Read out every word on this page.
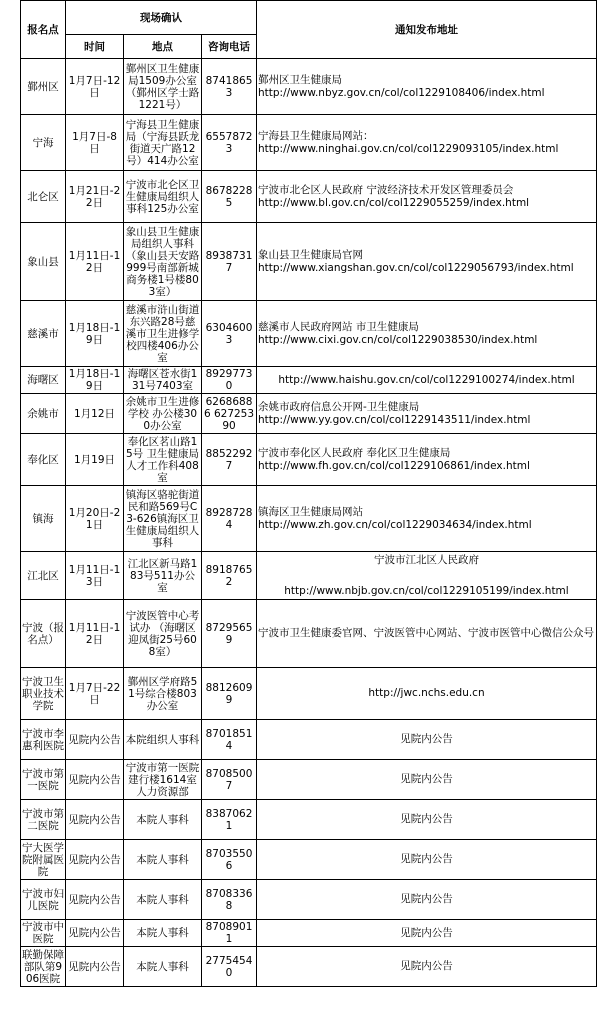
报名点	现场确认			通知发布地址
	时间	地点	咨询电话	
鄞州区	1月7日-12日	鄞州区卫生健康局1509办公室（鄞州区学士路1221号）	87418653	鄞州区卫生健康局
http://www.nbyz.gov.cn/col/col1229108406/index.html

宁海	1月7日-8日	宁海县卫生健康局（宁海县跃龙街道天广路12号）414办公室	65578723	宁海县卫生健康局网站：
http://www.ninghai.gov.cn/col/col1229093105/index.html

北仑区	1月21日-22日	宁波市北仑区卫生健康局组织人事科125办公室	86782285	宁波市北仑区人民政府 宁波经济技术开发区管理委员会
http://www.bl.gov.cn/col/col1229055259/index.html

象山县	1月11日-12日	象山县卫生健康局组织人事科（象山县天安路999号南部新城商务楼1号楼803室）	89387317	象山县卫生健康局官网
http://www.xiangshan.gov.cn/col/col1229056793/index.html

慈溪市	1月18日-19日	慈溪市浒山街道东兴路28号慈溪市卫生进修学校四楼406办公室	63046003	慈溪市人民政府网站 市卫生健康局
http://www.cixi.gov.cn/col/col1229038530/index.html

海曙区	1月18日-19日	海曙区苍水街131号7403室	89297730	http://www.haishu.gov.cn/col/col1229100274/index.html

余姚市	1月12日	余姚市卫生进修学校 办公楼300办公室	62686886 62725390	余姚市政府信息公开网-卫生健康局
http://www.yy.gov.cn/col/col1229143511/index.html

奉化区	1月19日	奉化区茗山路15号 卫生健康局人才工作科408室	88522927	宁波市奉化区人民政府 奉化区卫生健康局
http://www.fh.gov.cn/col/col1229106861/index.html

镇海	1月20日-21日	镇海区骆驼街道民和路569号C3-626镇海区卫生健康局组织人事科	89287284	镇海区卫生健康局网站
http://www.zh.gov.cn/col/col1229034634/index.html

江北区	1月11日-13日	江北区新马路183号511办公室	89187652	宁波市江北区人民政府
http://www.nbjb.gov.cn/col/col1229105199/index.html

宁波（报名点）	1月11日-12日	宁波医管中心考试办 （海曙区迎凤街25号608室）	87295659	宁波市卫生健康委官网、宁波医管中心网站、宁波市医管中心微信公众号

宁波卫生职业技术学院	1月7日-22日	鄞州区学府路51号综合楼803办公室	88126099	http://jwc.nchs.edu.cn

宁波市李惠利医院	见院内公告	本院组织人事科	87018514	见院内公告

宁波市第一医院	见院内公告	宁波市第一医院建行楼1614室人力资源部	87085007	见院内公告

宁波市第二医院	见院内公告	本院人事科	83870621	见院内公告

宁大医学院附属医院	见院内公告	本院人事科	87035506	见院内公告

宁波市妇儿医院	见院内公告	本院人事科	87083368	见院内公告

宁波市中医院	见院内公告	本院人事科	87089011	见院内公告

联勤保障部队第906医院	见院内公告	本院人事科	27754540	见院内公告
